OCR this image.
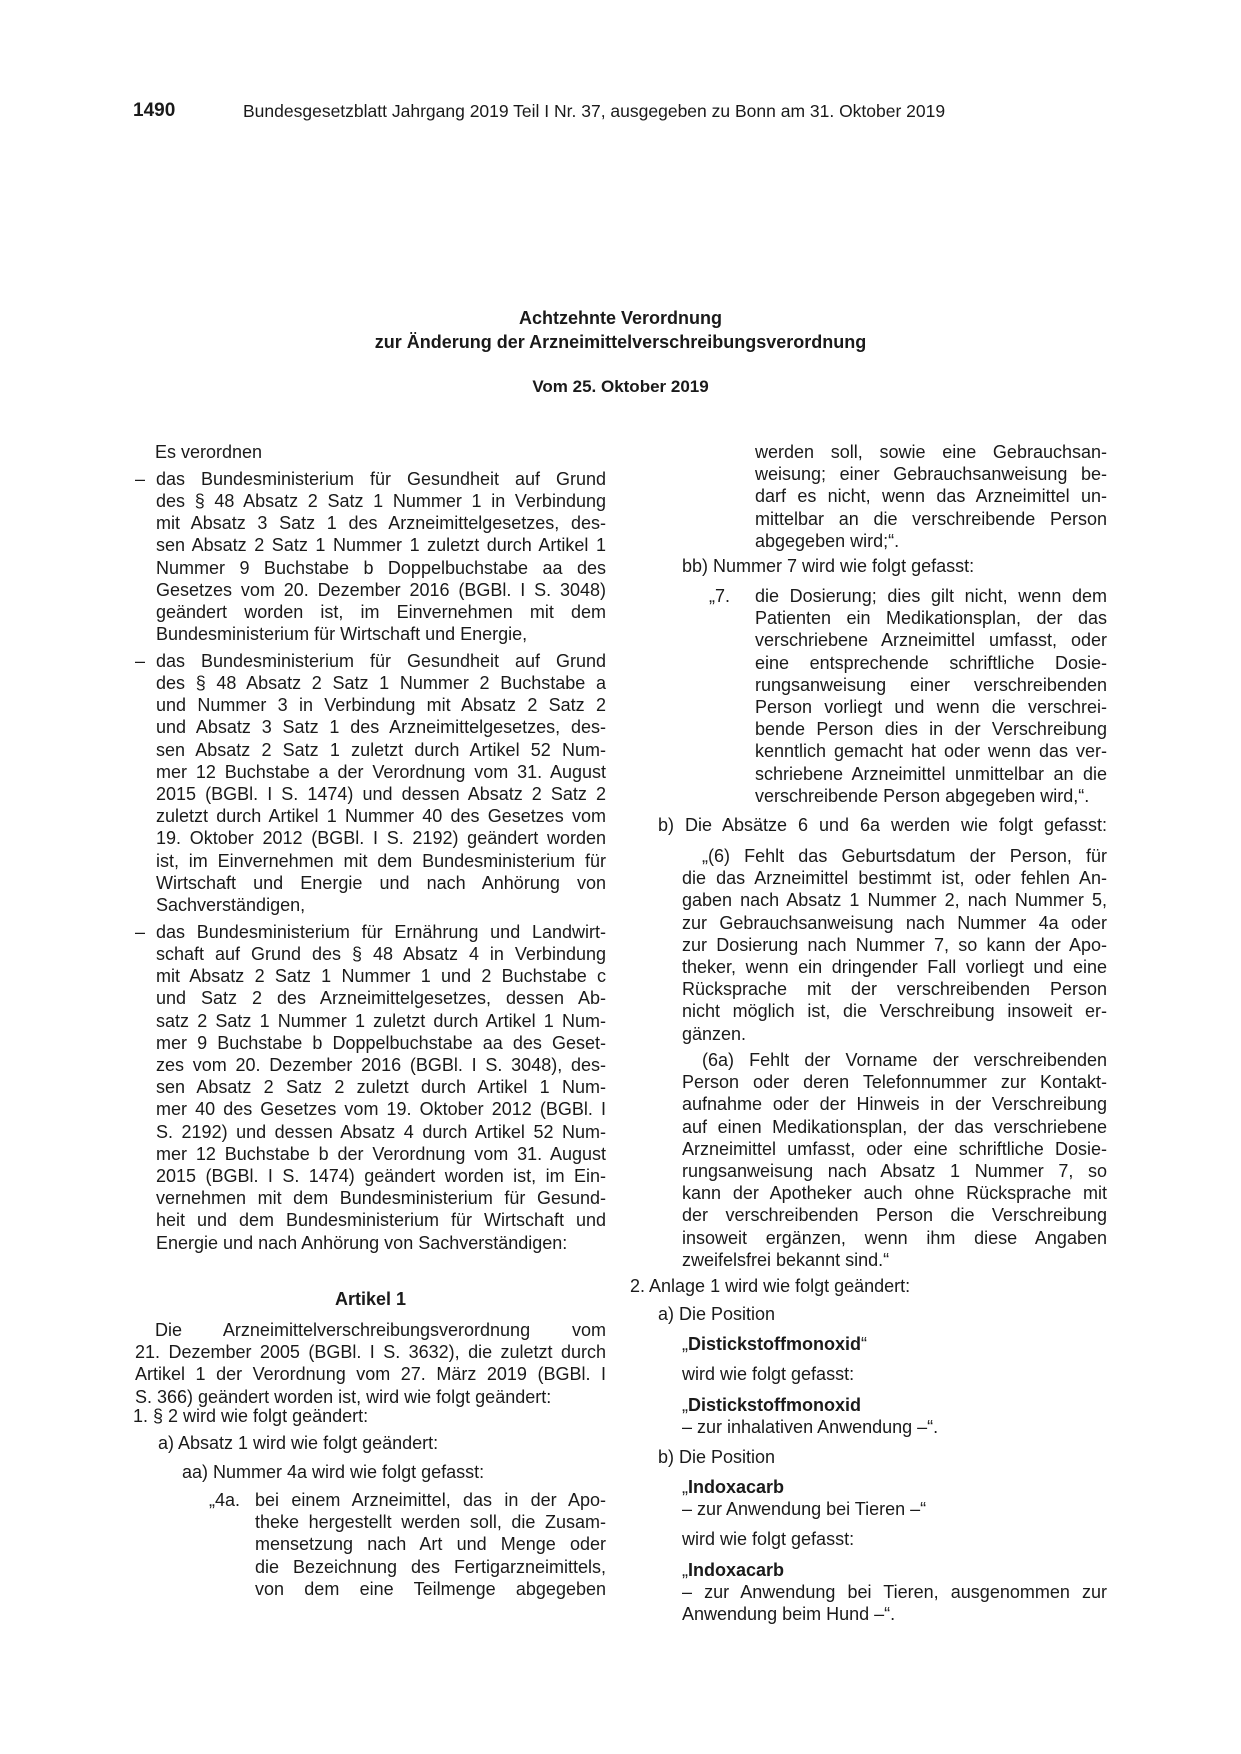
1490	Bundesgesetzblatt Jahrgang 2019 Teil I Nr. 37, ausgegeben zu Bonn am 31. Oktober 2019
Achtzehnte Verordnung
zur Änderung der Arzneimittelverschreibungsverordnung
Vom 25. Oktober 2019

Es verordnen

– das Bundesministerium für Gesundheit auf Grund

des § 48 Absatz 2 Satz 1 Nummer 1 in Verbindung

mit Absatz 3 Satz 1 des Arzneimittelgesetzes, des-

sen Absatz 2 Satz 1 Nummer 1 zuletzt durch Artikel 1

Nummer 9 Buchstabe b Doppelbuchstabe aa des

Gesetzes vom 20. Dezember 2016 (BGBl. I S. 3048)

geändert worden ist, im Einvernehmen mit dem

Bundesministerium für Wirtschaft und Energie,

– das Bundesministerium für Gesundheit auf Grund

des § 48 Absatz 2 Satz 1 Nummer 2 Buchstabe a

und Nummer 3 in Verbindung mit Absatz 2 Satz 2

und Absatz 3 Satz 1 des Arzneimittelgesetzes, des-

sen Absatz 2 Satz 1 zuletzt durch Artikel 52 Num-

mer 12 Buchstabe a der Verordnung vom 31. August

2015 (BGBl. I S. 1474) und dessen Absatz 2 Satz 2

zuletzt durch Artikel 1 Nummer 40 des Gesetzes vom

19. Oktober 2012 (BGBl. I S. 2192) geändert worden

ist, im Einvernehmen mit dem Bundesministerium für

Wirtschaft und Energie und nach Anhörung von

Sachverständigen,

– das Bundesministerium für Ernährung und Landwirt-

schaft auf Grund des § 48 Absatz 4 in Verbindung

mit Absatz 2 Satz 1 Nummer 1 und 2 Buchstabe c

und Satz 2 des Arzneimittelgesetzes, dessen Ab-

satz 2 Satz 1 Nummer 1 zuletzt durch Artikel 1 Num-

mer 9 Buchstabe b Doppelbuchstabe aa des Geset-

zes vom 20. Dezember 2016 (BGBl. I S. 3048), des-

sen Absatz 2 Satz 2 zuletzt durch Artikel 1 Num-

mer 40 des Gesetzes vom 19. Oktober 2012 (BGBl. I

S. 2192) und dessen Absatz 4 durch Artikel 52 Num-

mer 12 Buchstabe b der Verordnung vom 31. August

2015 (BGBl. I S. 1474) geändert worden ist, im Ein-

vernehmen mit dem Bundesministerium für Gesund-

heit und dem Bundesministerium für Wirtschaft und

Energie und nach Anhörung von Sachverständigen:

Artikel 1

Die Arzneimittelverschreibungsverordnung vom

21. Dezember 2005 (BGBl. I S. 3632), die zuletzt durch

Artikel 1 der Verordnung vom 27. März 2019 (BGBl. I

S. 366) geändert worden ist, wird wie folgt geändert:

1. § 2 wird wie folgt geändert:

a) Absatz 1 wird wie folgt geändert:

aa) Nummer 4a wird wie folgt gefasst:

„4a. bei einem Arzneimittel, das in der Apo-

theke hergestellt werden soll, die Zusam-

mensetzung nach Art und Menge oder

die Bezeichnung des Fertigarzneimittels,

von dem eine Teilmenge abgegeben

werden soll, sowie eine Gebrauchsan-

weisung; einer Gebrauchsanweisung be-

darf es nicht, wenn das Arzneimittel un-

mittelbar an die verschreibende Person

abgegeben wird;“.

bb) Nummer 7 wird wie folgt gefasst:

„7. die Dosierung; dies gilt nicht, wenn dem

Patienten ein Medikationsplan, der das

verschriebene Arzneimittel umfasst, oder

eine entsprechende schriftliche Dosie-

rungsanweisung einer verschreibenden

Person vorliegt und wenn die verschrei-

bende Person dies in der Verschreibung

kenntlich gemacht hat oder wenn das ver-

schriebene Arzneimittel unmittelbar an die

verschreibende Person abgegeben wird,“.

b) Die Absätze 6 und 6a werden wie folgt gefasst:

„(6) Fehlt das Geburtsdatum der Person, für

die das Arzneimittel bestimmt ist, oder fehlen An-

gaben nach Absatz 1 Nummer 2, nach Nummer 5,

zur Gebrauchsanweisung nach Nummer 4a oder

zur Dosierung nach Nummer 7, so kann der Apo-

theker, wenn ein dringender Fall vorliegt und eine

Rücksprache mit der verschreibenden Person

nicht möglich ist, die Verschreibung insoweit er-

gänzen.

(6a) Fehlt der Vorname der verschreibenden

Person oder deren Telefonnummer zur Kontakt-

aufnahme oder der Hinweis in der Verschreibung

auf einen Medikationsplan, der das verschriebene

Arzneimittel umfasst, oder eine schriftliche Dosie-

rungsanweisung nach Absatz 1 Nummer 7, so

kann der Apotheker auch ohne Rücksprache mit

der verschreibenden Person die Verschreibung

insoweit ergänzen, wenn ihm diese Angaben

zweifelsfrei bekannt sind.“

2. Anlage 1 wird wie folgt geändert:

a) Die Position

„Distickstoffmonoxid“

wird wie folgt gefasst:

„Distickstoffmonoxid

– zur inhalativen Anwendung –“.

b) Die Position

„Indoxacarb

– zur Anwendung bei Tieren –“

wird wie folgt gefasst:

„Indoxacarb

– zur Anwendung bei Tieren, ausgenommen zur

Anwendung beim Hund –“.
